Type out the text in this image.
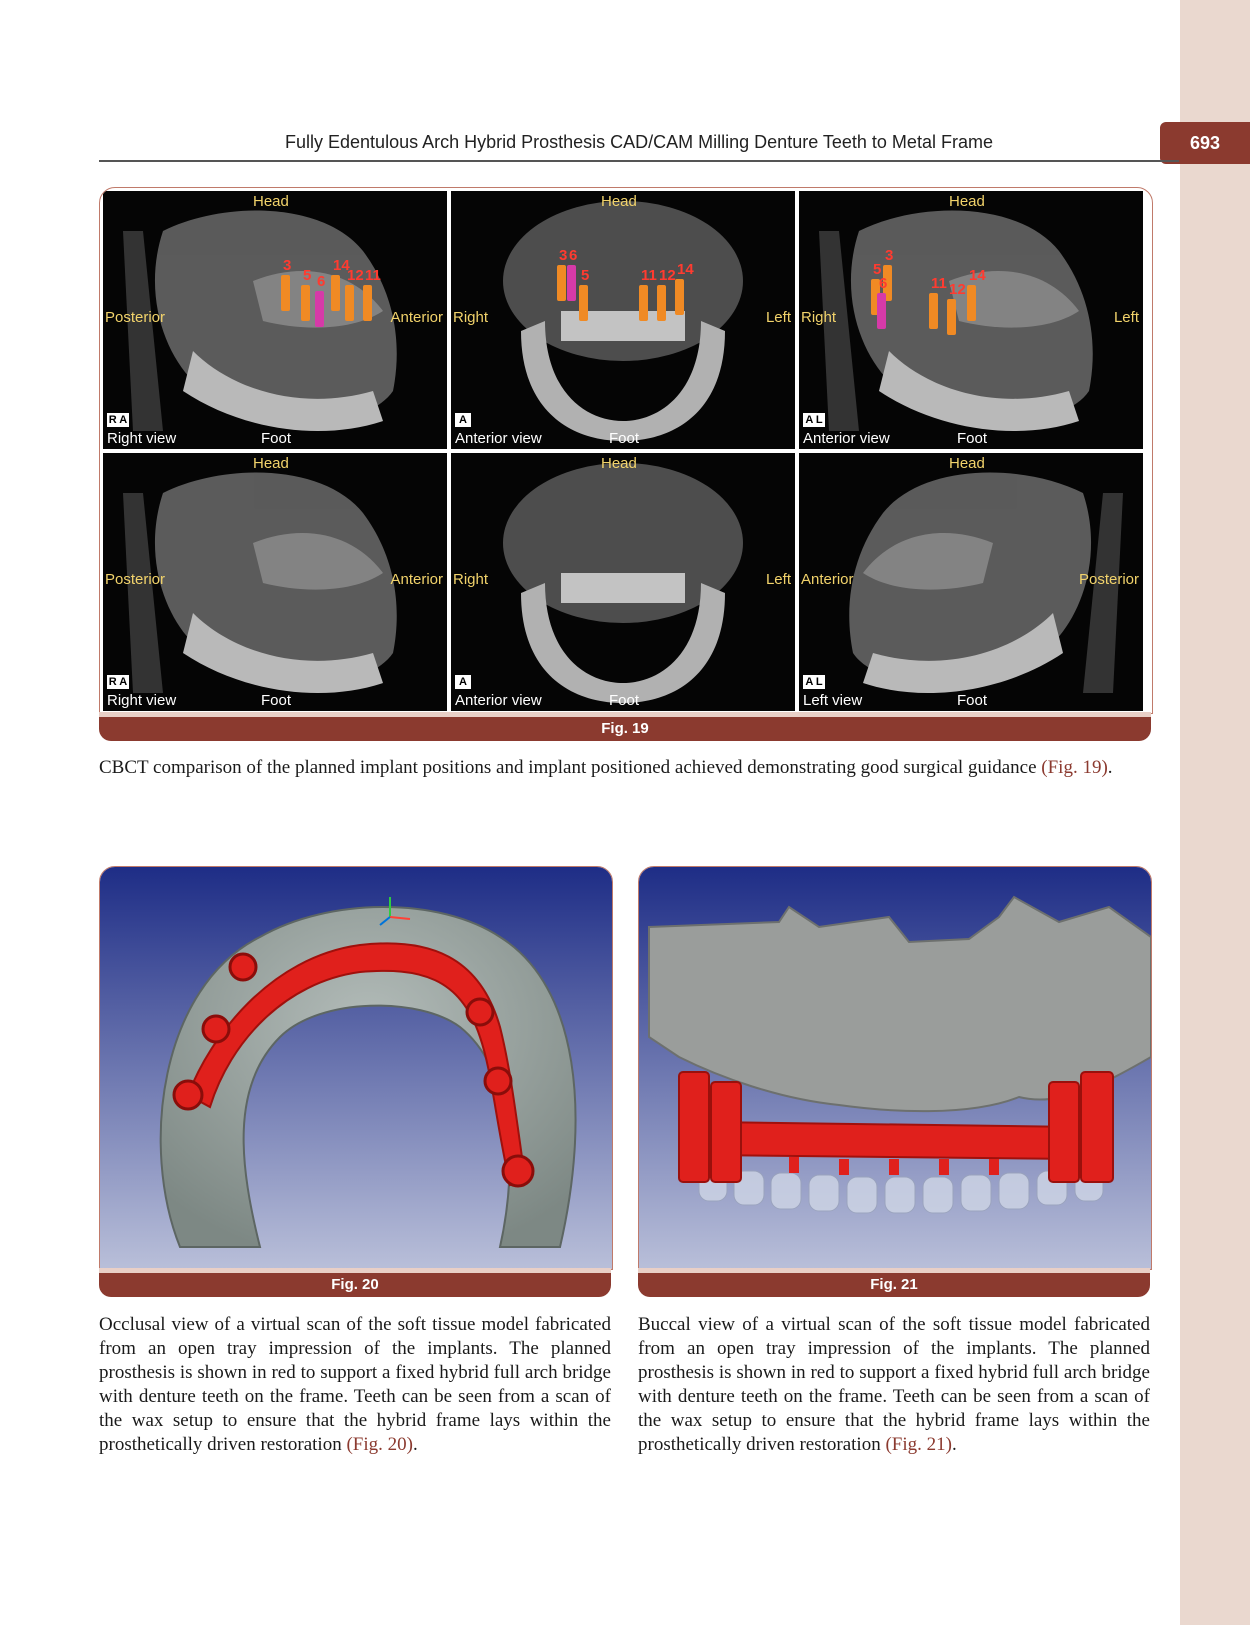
693
Fully Edentulous Arch Hybrid Prosthesis CAD/CAM Milling Denture Teeth to Metal Frame
Head
Posterior	Anterior
Foot
Right view
R A
3
5 6
14
12 11
Head
Right	Left
Foot
Anterior view
A
3
5
6
11 12 14
Head
Right	Left
Foot
Anterior view
A L
5
3
6	11 12
14
Head
Posterior	Anterior
Foot
Right view
R A
Head
Right	Left
Foot
Anterior view
A
Head
Anterior	Posterior
Foot
Left view
A L
Fig. 19
CBCT comparison of the planned implant positions and implant positioned achieved demonstrating good surgical guidance (Fig. 19).
Fig. 20
Occlusal view of a virtual scan of the soft tissue model fabricated from an open tray impression of the implants. The planned prosthesis is shown in red to support a fixed hybrid full arch bridge with denture teeth on the frame. Teeth can be seen from a scan of the wax setup to ensure that the hybrid frame lays within the prosthetically driven restoration (Fig. 20).
Fig. 21
Buccal view of a virtual scan of the soft tissue model fabricated from an open tray impression of the implants. The planned prosthesis is shown in red to support a fixed hybrid full arch bridge with denture teeth on the frame. Teeth can be seen from a scan of the wax setup to ensure that the hybrid frame lays within the prosthetically driven restoration (Fig. 21).
